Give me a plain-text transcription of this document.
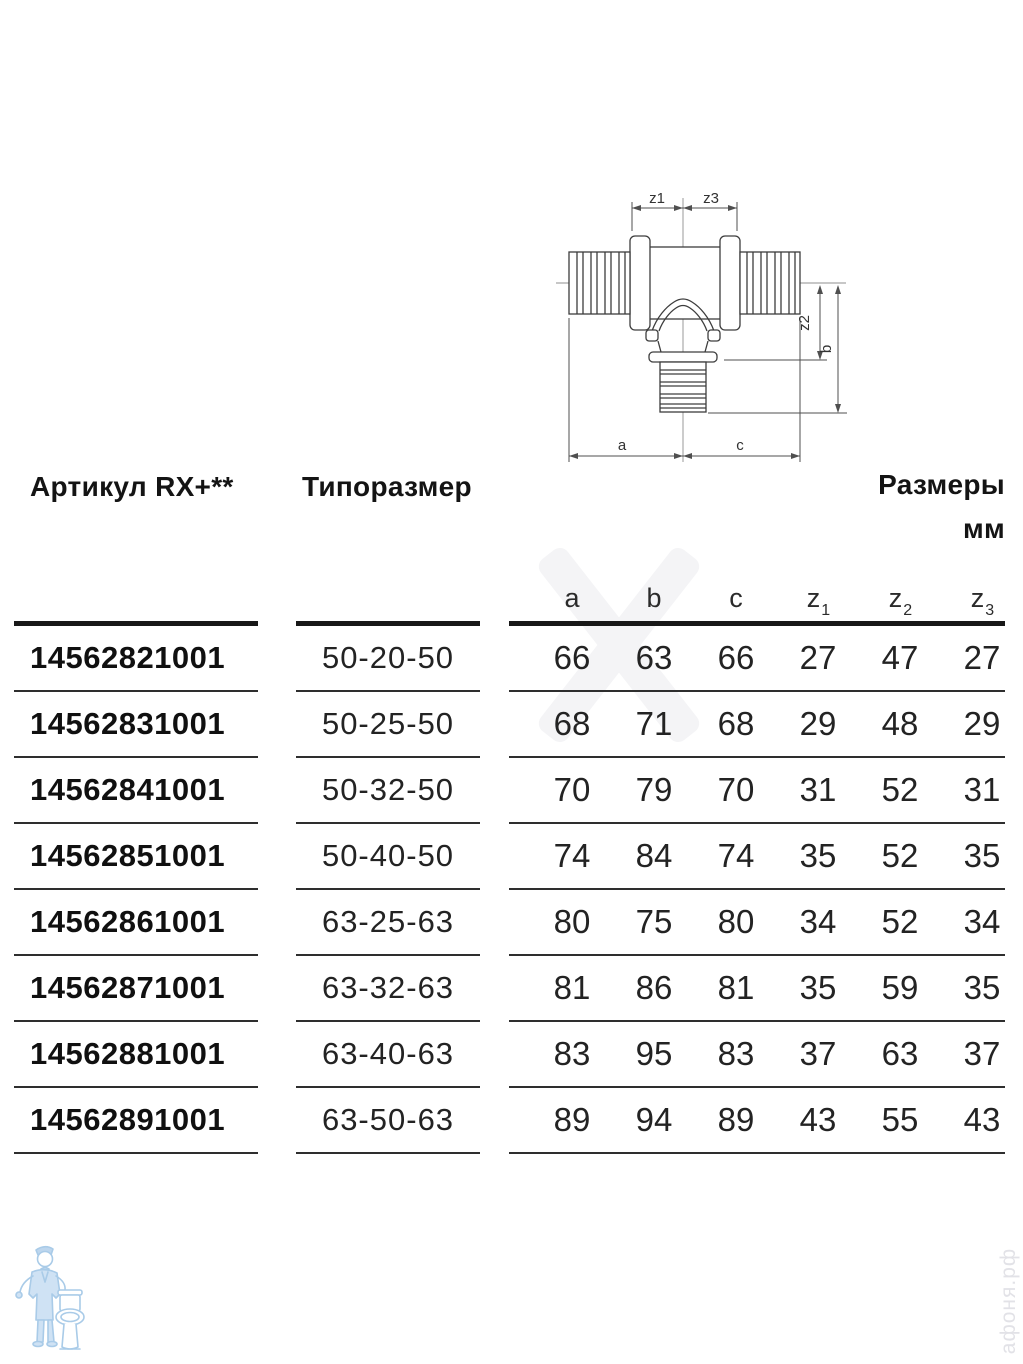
z1	z3
z2
b
a	c
Артикул RX+** Типоразмер	Размеры
мм
a b	c $z_1$ $z_2$ $z_3$
14562821001	50-20-50	66 63 66 27 47 27
14562831001	50-25-50	68 71 68 29 48 29
14562841001	50-32-50	70 79 70 31 52 31
14562851001	50-40-50	74 84 74 35 52 35
14562861001	63-25-63	80 75 80 34 52 34
14562871001	63-32-63	81 86 81 35 59 35
14562881001	63-40-63	83 95 83 37 63 37
14562891001	63-50-63	89 94 89 43 55 43
афоня.рф
